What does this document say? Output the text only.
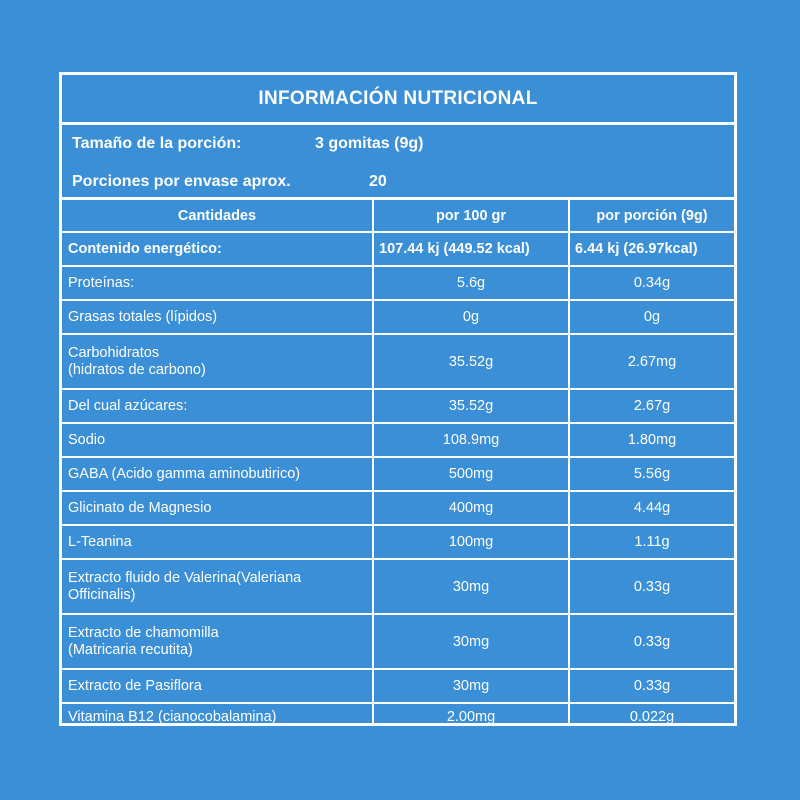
INFORMACIÓN NUTRICIONAL
Tamaño de la porción:	3 gomitas (9g)
Porciones por envase aprox.	20
Cantidades	por 100 gr	por porción (9g)
Contenido energético:	107.44 kj (449.52 kcal)	6.44 kj (26.97kcal)
Proteínas:	5.6g	0.34g
Grasas totales (lípidos)	0g	0g
Carbohidratos
(hidratos de carbono)	35.52g	2.67mg
Del cual azúcares:	35.52g	2.67g
Sodio	108.9mg	1.80mg
GABA (Acido gamma aminobutirico)	500mg	5.56g
Glicinato de Magnesio	400mg	4.44g
L-Teanina	100mg	1.11g
Extracto fluido de Valerina(Valeriana
Officinalis)	30mg	0.33g
Extracto de chamomilla
(Matricaria recutita)	30mg	0.33g
Extracto de Pasiflora	30mg	0.33g
Vitamina B12 (cianocobalamina)	2.00mg	0.022g
